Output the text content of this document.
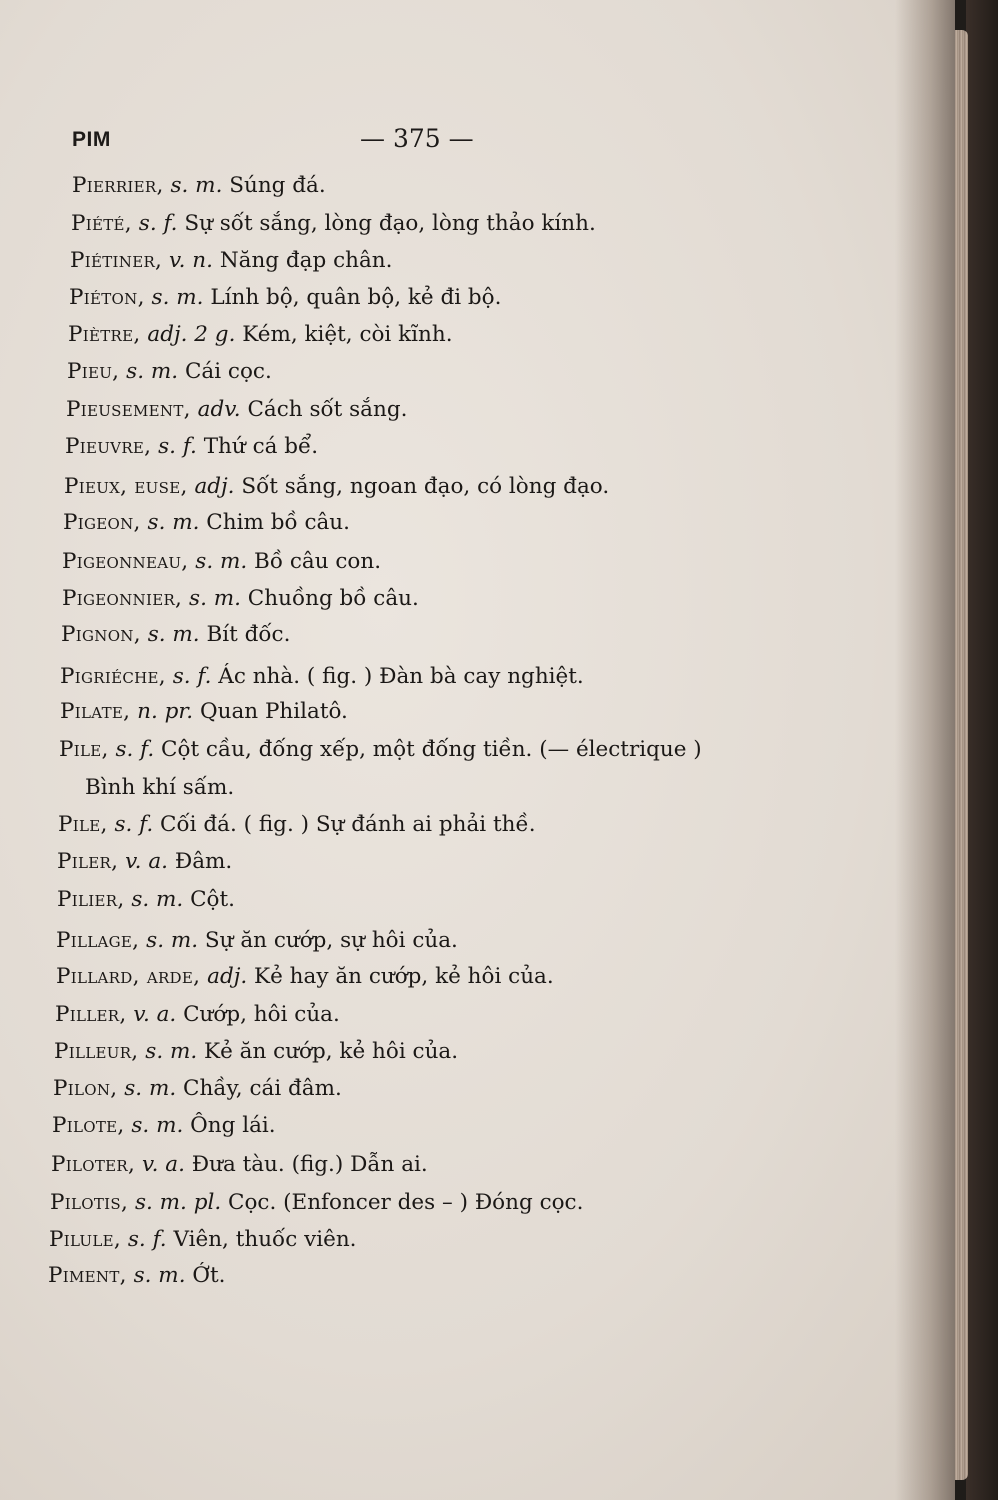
PIM	— 375 —
Pierrier, s. m. Súng đá.
Piété, s. f. Sự sốt sắng, lòng đạo, lòng thảo kính.
Piétiner, v. n. Năng đạp chân.
Piéton, s. m. Lính bộ, quân bộ, kẻ đi bộ.
Piètre, adj. 2 g. Kém, kiệt, còi kĩnh.
Pieu, s. m. Cái cọc.
Pieusement, adv. Cách sốt sắng.
Pieuvre, s. f. Thứ cá bể.
Pieux, euse, adj. Sốt sắng, ngoan đạo, có lòng đạo.
Pigeon, s. m. Chim bồ câu.
Pigeonneau, s. m. Bồ câu con.
Pigeonnier, s. m. Chuồng bồ câu.
Pignon, s. m. Bít đốc.
Pigriéche, s. f. Ác nhà. ( fig. ) Đàn bà cay nghiệt.
Pilate, n. pr. Quan Philatô.
Pile, s. f. Cột cầu, đống xếp, một đống tiền. (— électrique )
Bình khí sấm.
Pile, s. f. Cối đá. ( fig. ) Sự đánh ai phải thề.
Piler, v. a. Đâm.
Pilier, s. m. Cột.
Pillage, s. m. Sự ăn cướp, sự hôi của.
Pillard, arde, adj. Kẻ hay ăn cướp, kẻ hôi của.
Piller, v. a. Cướp, hôi của.
Pilleur, s. m. Kẻ ăn cướp, kẻ hôi của.
Pilon, s. m. Chầy, cái đâm.
Pilote, s. m. Ông lái.
Piloter, v. a. Đưa tàu. (fig.) Dẫn ai.
Pilotis, s. m. pl. Cọc. (Enfoncer des – ) Đóng cọc.
Pilule, s. f. Viên, thuốc viên.
Piment, s. m. Ớt.
